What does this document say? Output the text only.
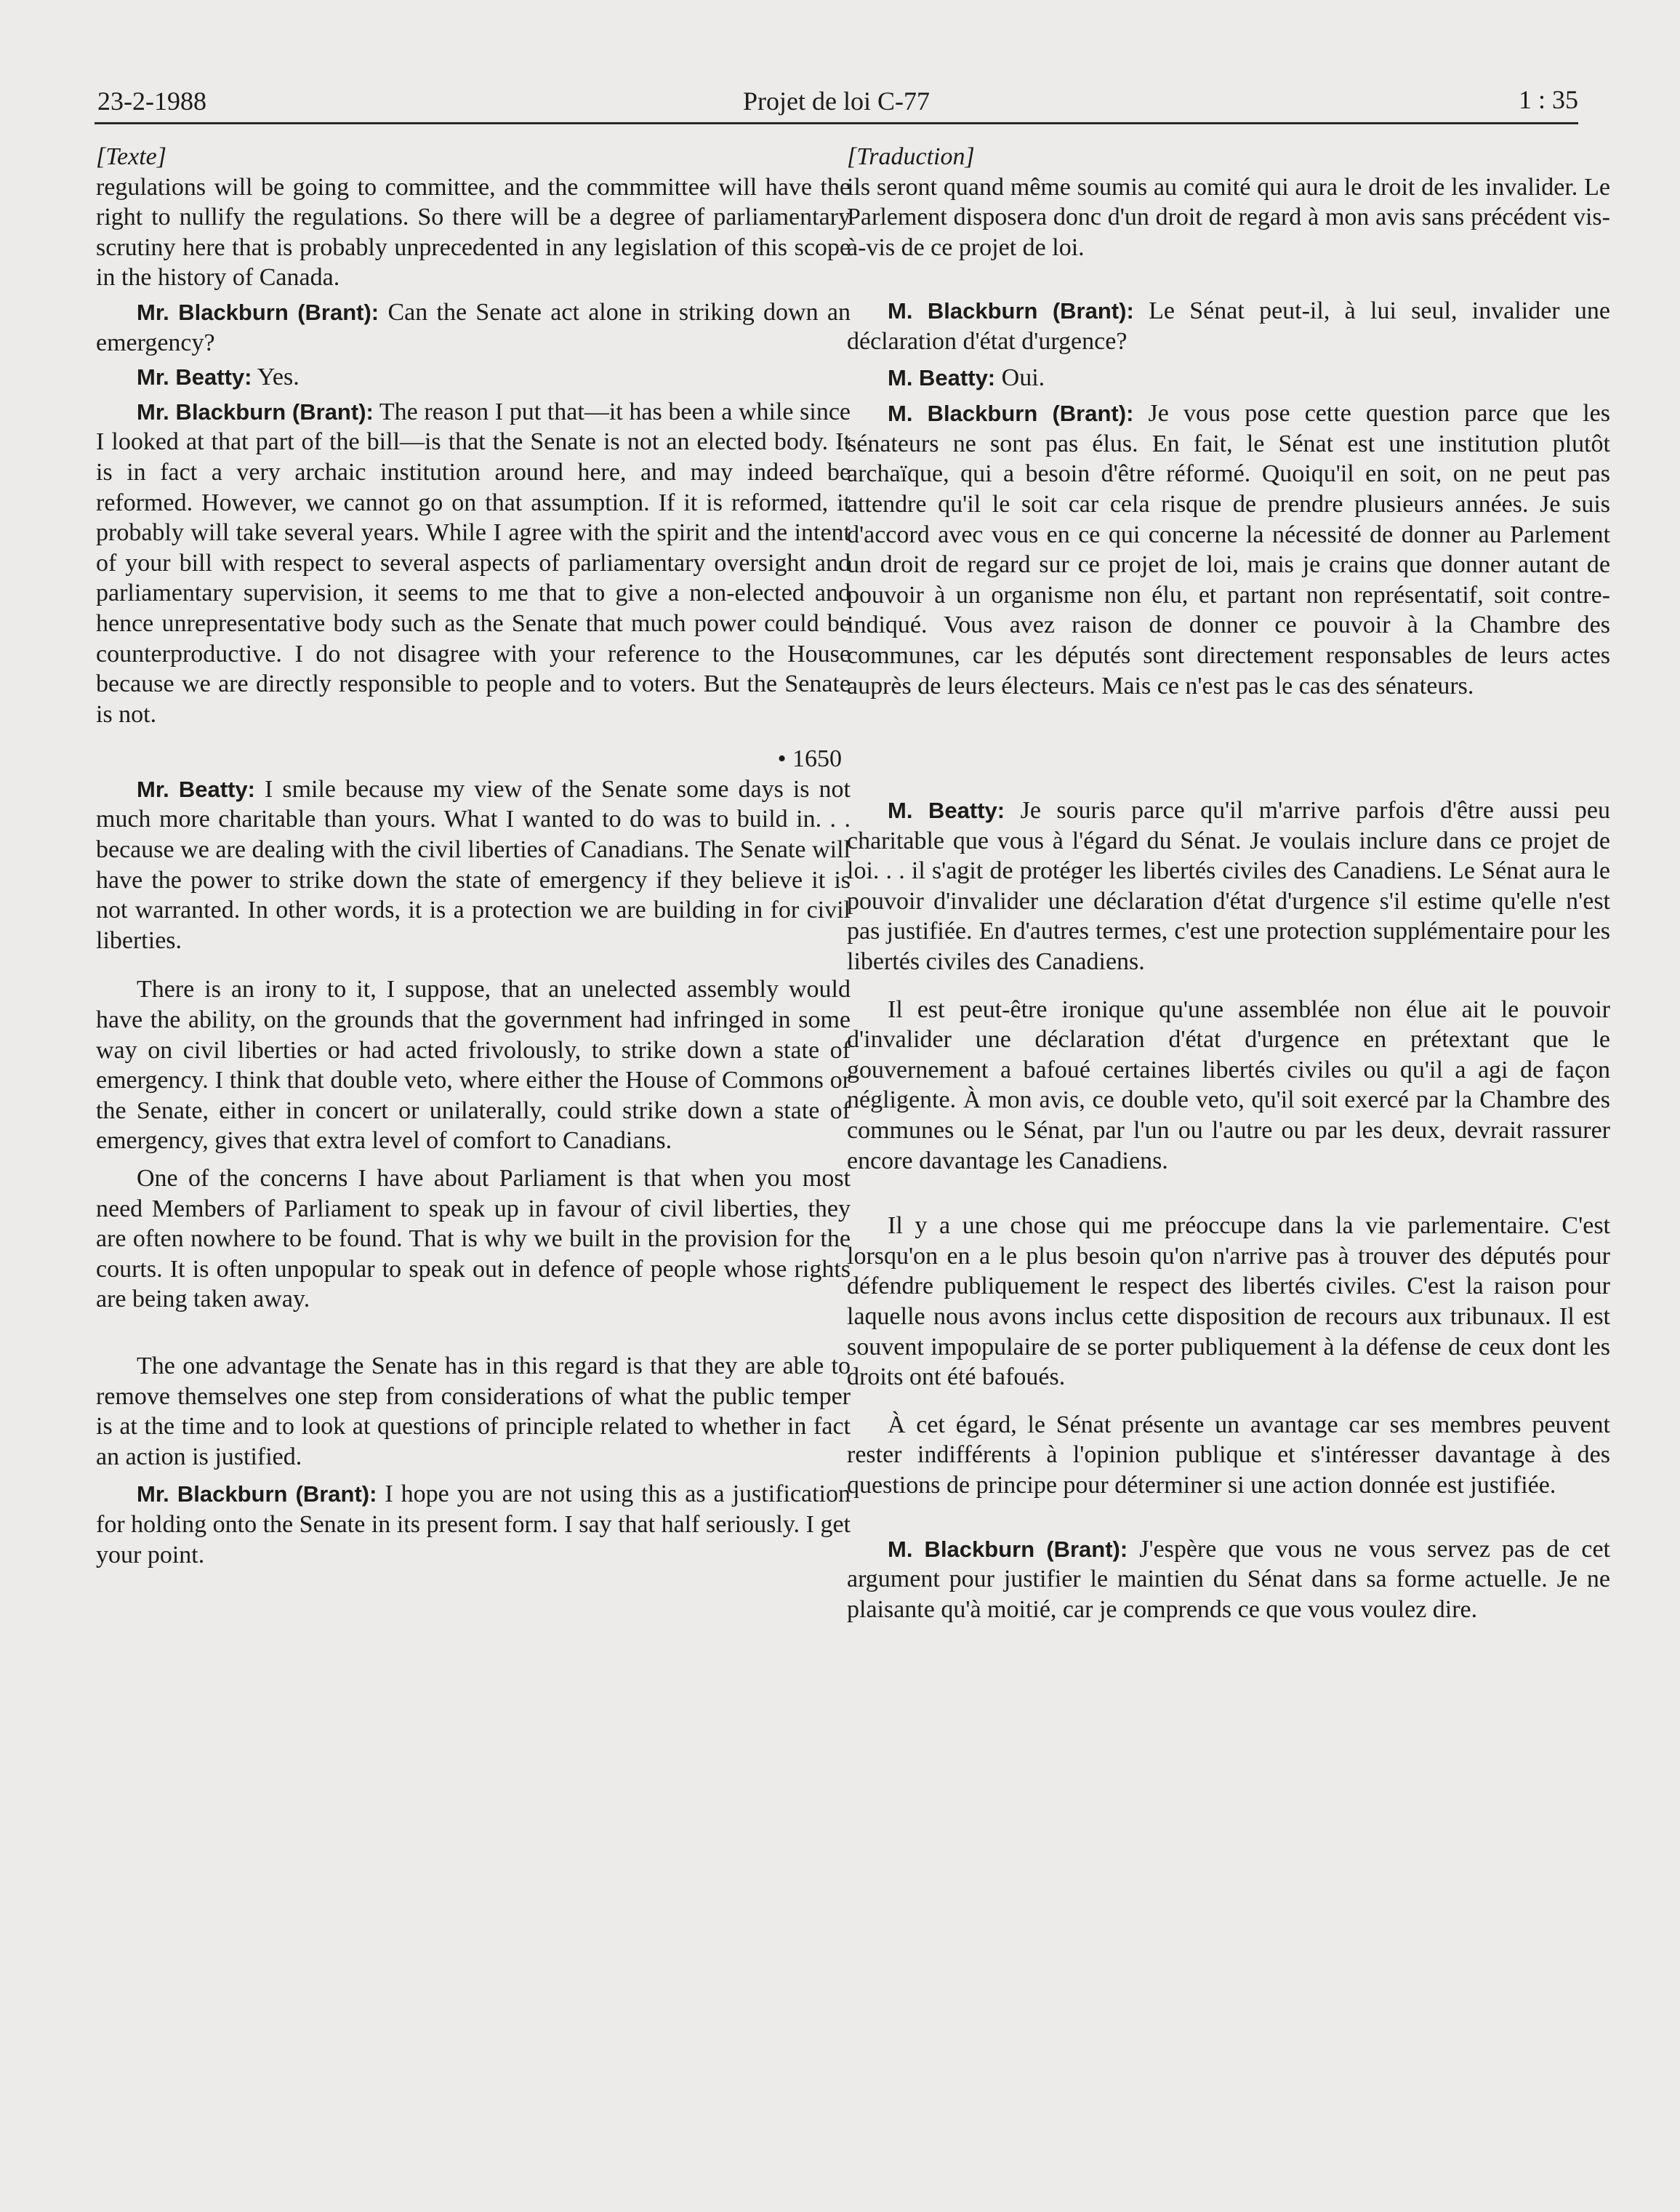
23-2-1988	Projet de loi C-77	1 : 35

[Texte]

regulations will be going to committee, and the commmittee will have the right to nullify the regulations. So there will be a degree of parliamentary scrutiny here that is probably unprecedented in any legislation of this scope in the history of Canada.

Mr. Blackburn (Brant): Can the Senate act alone in striking down an emergency?

Mr. Beatty: Yes.

Mr. Blackburn (Brant): The reason I put that—it has been a while since I looked at that part of the bill—is that the Senate is not an elected body. It is in fact a very archaic institution around here, and may indeed be reformed. However, we cannot go on that assumption. If it is reformed, it probably will take several years. While I agree with the spirit and the intent of your bill with respect to several aspects of parliamentary oversight and parliamentary supervision, it seems to me that to give a non-elected and hence unrepresentative body such as the Senate that much power could be counterproductive. I do not disagree with your reference to the House because we are directly responsible to people and to voters. But the Senate is not.

• 1650

Mr. Beatty: I smile because my view of the Senate some days is not much more charitable than yours. What I wanted to do was to build in. . . because we are dealing with the civil liberties of Canadians. The Senate will have the power to strike down the state of emergency if they believe it is not warranted. In other words, it is a protection we are building in for civil liberties.

There is an irony to it, I suppose, that an unelected assembly would have the ability, on the grounds that the government had infringed in some way on civil liberties or had acted frivolously, to strike down a state of emergency. I think that double veto, where either the House of Commons or the Senate, either in concert or unilaterally, could strike down a state of emergency, gives that extra level of comfort to Canadians.

One of the concerns I have about Parliament is that when you most need Members of Parliament to speak up in favour of civil liberties, they are often nowhere to be found. That is why we built in the provision for the courts. It is often unpopular to speak out in defence of people whose rights are being taken away.

The one advantage the Senate has in this regard is that they are able to remove themselves one step from considerations of what the public temper is at the time and to look at questions of principle related to whether in fact an action is justified.

Mr. Blackburn (Brant): I hope you are not using this as a justification for holding onto the Senate in its present form. I say that half seriously. I get your point.

[Traduction]

ils seront quand même soumis au comité qui aura le droit de les invalider. Le Parlement disposera donc d'un droit de regard à mon avis sans précédent vis-à-vis de ce projet de loi.

M. Blackburn (Brant): Le Sénat peut-il, à lui seul, invalider une déclaration d'état d'urgence?

M. Beatty: Oui.

M. Blackburn (Brant): Je vous pose cette question parce que les sénateurs ne sont pas élus. En fait, le Sénat est une institution plutôt archaïque, qui a besoin d'être réformé. Quoiqu'il en soit, on ne peut pas attendre qu'il le soit car cela risque de prendre plusieurs années. Je suis d'accord avec vous en ce qui concerne la nécessité de donner au Parlement un droit de regard sur ce projet de loi, mais je crains que donner autant de pouvoir à un organisme non élu, et partant non représentatif, soit contre-indiqué. Vous avez raison de donner ce pouvoir à la Chambre des communes, car les députés sont directement responsables de leurs actes auprès de leurs électeurs. Mais ce n'est pas le cas des sénateurs.

M. Beatty: Je souris parce qu'il m'arrive parfois d'être aussi peu charitable que vous à l'égard du Sénat. Je voulais inclure dans ce projet de loi. . . il s'agit de protéger les libertés civiles des Canadiens. Le Sénat aura le pouvoir d'invalider une déclaration d'état d'urgence s'il estime qu'elle n'est pas justifiée. En d'autres termes, c'est une protection supplémentaire pour les libertés civiles des Canadiens.

Il est peut-être ironique qu'une assemblée non élue ait le pouvoir d'invalider une déclaration d'état d'urgence en prétextant que le gouvernement a bafoué certaines libertés civiles ou qu'il a agi de façon négligente. À mon avis, ce double veto, qu'il soit exercé par la Chambre des communes ou le Sénat, par l'un ou l'autre ou par les deux, devrait rassurer encore davantage les Canadiens.

Il y a une chose qui me préoccupe dans la vie parlementaire. C'est lorsqu'on en a le plus besoin qu'on n'arrive pas à trouver des députés pour défendre publiquement le respect des libertés civiles. C'est la raison pour laquelle nous avons inclus cette disposition de recours aux tribunaux. Il est souvent impopulaire de se porter publiquement à la défense de ceux dont les droits ont été bafoués.

À cet égard, le Sénat présente un avantage car ses membres peuvent rester indifférents à l'opinion publique et s'intéresser davantage à des questions de principe pour déterminer si une action donnée est justifiée.

M. Blackburn (Brant): J'espère que vous ne vous servez pas de cet argument pour justifier le maintien du Sénat dans sa forme actuelle. Je ne plaisante qu'à moitié, car je comprends ce que vous voulez dire.
